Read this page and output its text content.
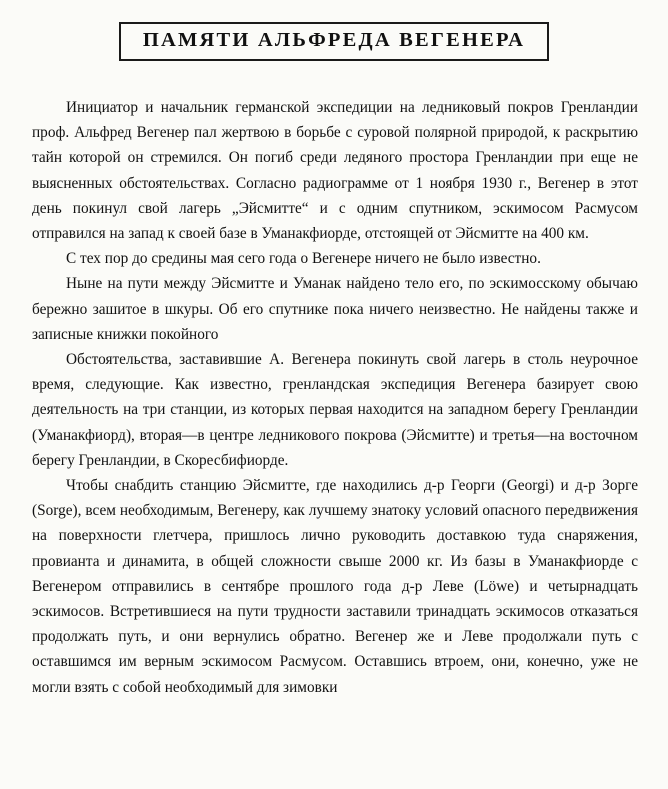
ПАМЯТИ АЛЬФРЕДА ВЕГЕНЕРА

Инициатор и начальник германской экспедиции на ледниковый покров Гренландии проф. Альфред Вегенер пал жертвою в борьбе с суровой полярной природой, к раскрытию тайн которой он стремился. Он погиб среди ледяного простора Гренландии при еще не выясненных обстоятельствах. Согласно радиограмме от 1 ноября 1930 г., Вегенер в этот день покинул свой лагерь „Эйсмитте“ и с одним спутником, эскимосом Расмусом отправился на запад к своей базе в Уманакфиорде, отстоящей от Эйсмитте на 400 км.

С тех пор до средины мая сего года о Вегенере ничего не было известно.

Ныне на пути между Эйсмитте и Уманак найдено тело его, по эскимосскому обычаю бережно зашитое в шкуры. Об его спутнике пока ничего неизвестно. Не найдены также и записные книжки покойного

Обстоятельства, заставившие А. Вегенера покинуть свой лагерь в столь неурочное время, следующие. Как известно, гренландская экспедиция Вегенера базирует свою деятельность на три станции, из которых первая находится на западном берегу Гренландии (Уманакфиорд), вторая—в центре ледникового покрова (Эйсмитте) и третья—на восточном берегу Гренландии, в Скоресбифиорде.

Чтобы снабдить станцию Эйсмитте, где находились д-р Георги (Georgi) и д-р Зорге (Sorge), всем необходимым, Вегенеру, как лучшему знатоку условий опасного передвижения на поверхности глетчера, пришлось лично руководить доставкою туда снаряжения, провианта и динамита, в общей сложности свыше 2000 кг. Из базы в Уманакфиорде с Вегенером отправились в сентябре прошлого года д-р Леве (Löwe) и четырнадцать эскимосов. Встретившиеся на пути трудности заставили тринадцать эскимосов отказаться продолжать путь, и они вернулись обратно. Вегенер же и Леве продолжали путь с оставшимся им верным эскимосом Расмусом. Оставшись втроем, они, конечно, уже не могли взять с собой необходимый для зимовки
